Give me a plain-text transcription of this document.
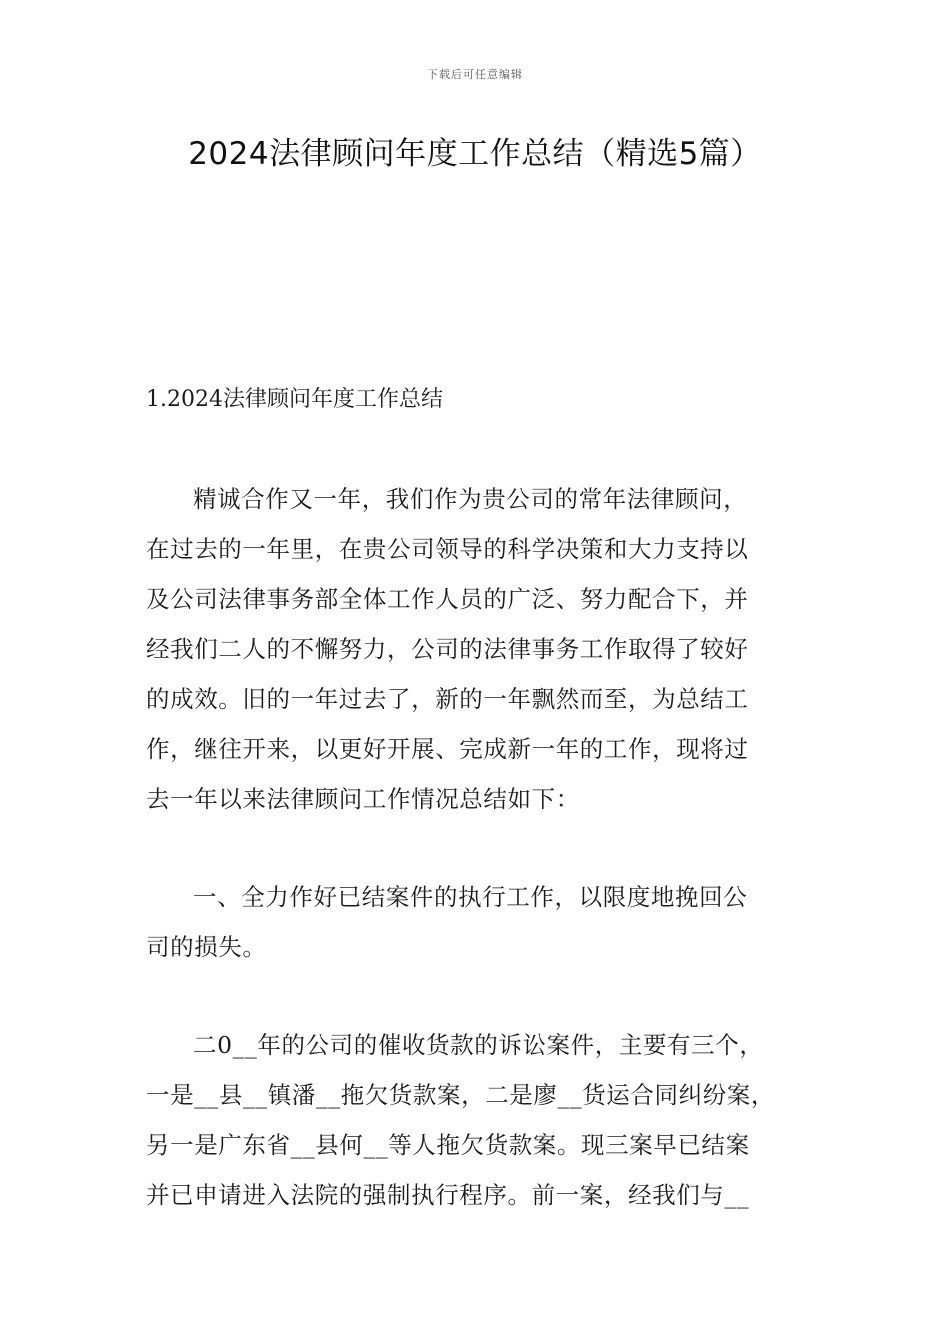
下载后可任意编辑
2024法律顾问年度工作总结（精选5篇）
1.2024法律顾问年度工作总结
精诚合作又一年，我们作为贵公司的常年法律顾问，
在过去的一年里，在贵公司领导的科学决策和大力支持以
及公司法律事务部全体工作人员的广泛、努力配合下，并
经我们二人的不懈努力，公司的法律事务工作取得了较好
的成效。旧的一年过去了，新的一年飘然而至，为总结工
作，继往开来，以更好开展、完成新一年的工作，现将过
去一年以来法律顾问工作情况总结如下：
一、全力作好已结案件的执行工作，以限度地挽回公
司的损失。
二0__年的公司的催收货款的诉讼案件，主要有三个，
一是__县__镇潘__拖欠货款案，二是廖__货运合同纠纷案，
另一是广东省__县何__等人拖欠货款案。现三案早已结案
并已申请进入法院的强制执行程序。前一案，经我们与__
